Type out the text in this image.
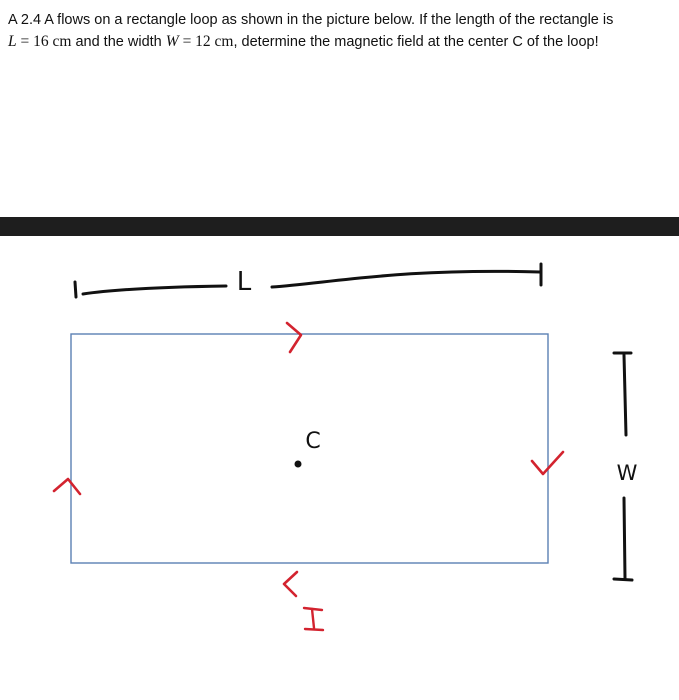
A 2.4 A flows on a rectangle loop as shown in the picture below. If the length of the rectangle is
L = 16 cm and the width W = 12 cm, determine the magnetic field at the center C of the loop!
L
C
W
